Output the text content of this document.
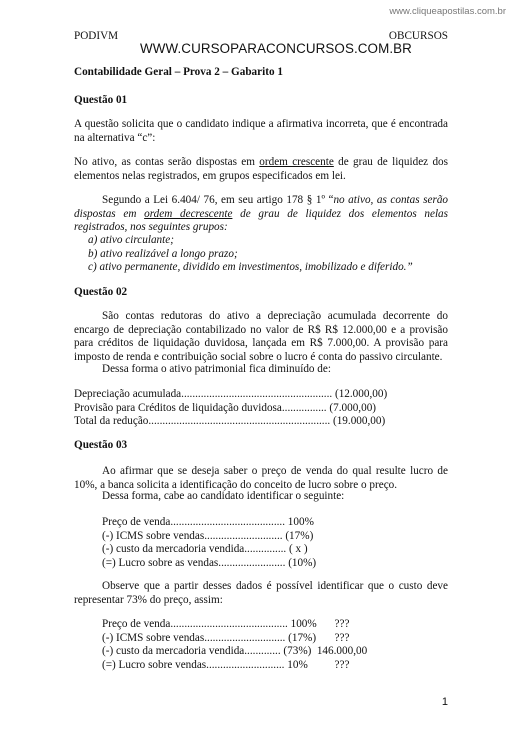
www.cliqueapostilas.com.br
PODIVM	OBCURSOS
WWW.CURSOPARACONCURSOS.COM.BR
Contabilidade Geral – Prova 2 – Gabarito 1
Questão 01
A questão solicita que o candidato indique a afirmativa incorreta, que é encontrada na alternativa “c”:
No ativo, as contas serão dispostas em ordem crescente de grau de liquidez dos elementos nelas registrados, em grupos especificados em lei.
Segundo a Lei 6.404/ 76, em seu artigo 178 § 1º “no ativo, as contas serão dispostas em ordem decrescente de grau de liquidez dos elementos nelas registrados, nos seguintes grupos:
a) ativo circulante;
b) ativo realizável a longo prazo;
c) ativo permanente, dividido em investimentos, imobilizado e diferido.”
Questão 02
São contas redutoras do ativo a depreciação acumulada decorrente do encargo de depreciação contabilizado no valor de R$ R$ 12.000,00 e a provisão para créditos de liquidação duvidosa, lançada em R$ 7.000,00. A provisão para imposto de renda e contribuição social sobre o lucro é conta do passivo circulante.
Dessa forma o ativo patrimonial fica diminuído de:
Depreciação acumulada...................................................... (12.000,00)
Provisão para Créditos de liquidação duvidosa................ (7.000,00)
Total da redução................................................................. (19.000,00)
Questão 03
Ao afirmar que se deseja saber o preço de venda do qual resulte lucro de 10%, a banca solicita a identificação do conceito de lucro sobre o preço.
Dessa forma, cabe ao candidato identificar o seguinte:
Preço de venda......................................... 100%
(-) ICMS sobre vendas............................ (17%)
(-) custo da mercadoria vendida............... ( x )
(=) Lucro sobre as vendas........................ (10%)
Observe que a partir desses dados é possível identificar que o custo deve representar 73% do preço, assim:
Preço de venda.......................................... 100%
(-) ICMS sobre vendas............................. (17%)
(-) custo da mercadoria vendida............. (73%)
(=) Lucro sobre vendas............................ 10%
???
???
146.000,00
???
1
